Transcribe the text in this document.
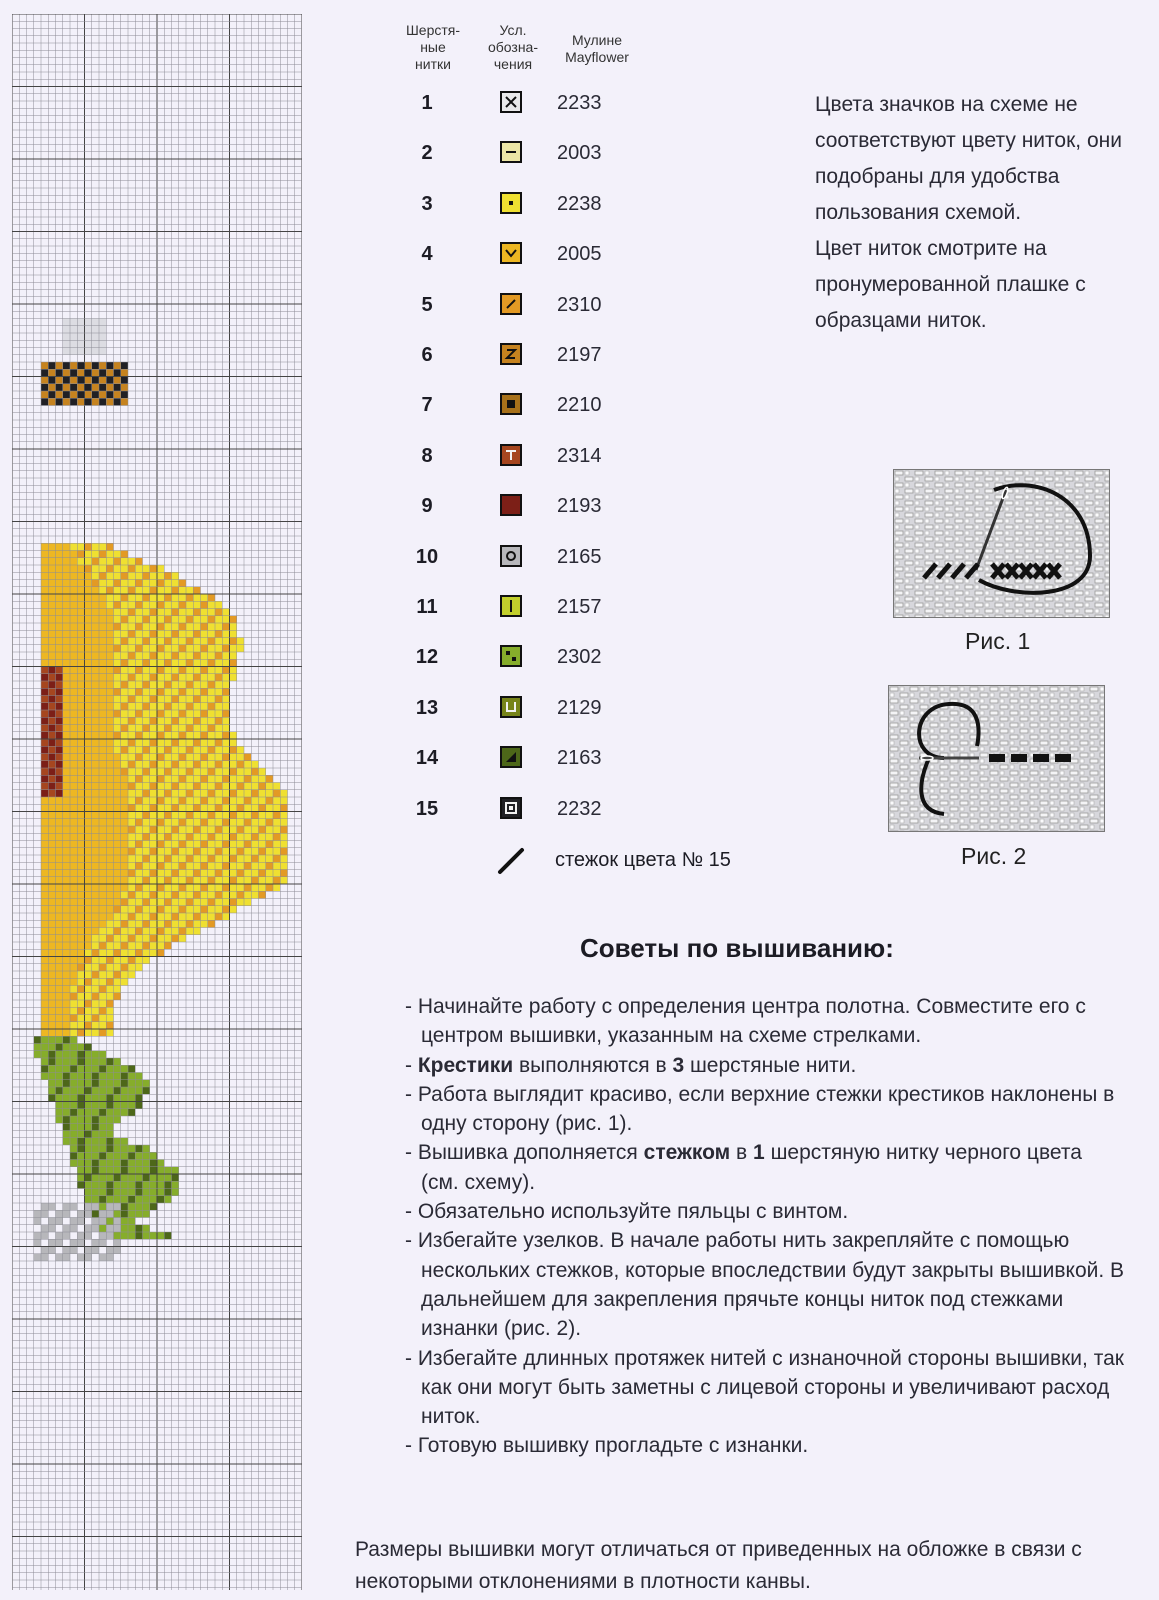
Шерстя-
ные
нитки
Усл.
обозна-
чения
Мулине
Mayflower
1	2233
2	2003
3	2238
4	2005
5	2310
6	2197
7	2210
8	2314
9	2193
10	2165
11	2157
12	2302
13	2129
14	2163
15	2232
стежок цвета № 15
Цвета значков на схеме не соответствуют цвету ниток, они подобраны для удобства пользования схемой.
Цвет ниток смотрите на пронумерованной плашке с образцами ниток.
Рис. 1
Рис. 2
Советы по вышиванию:
- Начинайте работу с определения центра полотна. Совместите его с центром вышивки, указанным на схеме стрелками.
- Крестики выполняются в 3 шерстяные нити.
- Работа выглядит красиво, если верхние стежки крестиков наклонены в одну сторону (рис. 1).
- Вышивка дополняется стежком в 1 шерстяную нитку черного цвета (см. схему).
- Обязательно используйте пяльцы с винтом.
- Избегайте узелков. В начале работы нить закрепляйте с помощью нескольких стежков, которые впоследствии будут закрыты вышивкой. В дальнейшем для закрепления прячьте концы ниток под стежками изнанки (рис. 2).
- Избегайте длинных протяжек нитей с изнаночной стороны вышивки, так как они могут быть заметны с лицевой стороны и увеличивают расход ниток.
- Готовую вышивку прогладьте с изнанки.
Размеры вышивки могут отличаться от приведенных на обложке в связи с некоторыми отклонениями в плотности канвы.
